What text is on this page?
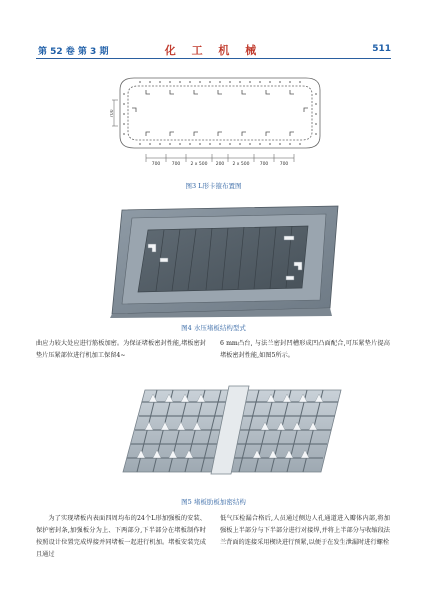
第 52 卷 第 3 期	化 工 机 械	511
700
700	700 2 x 500 200 2 x 500 700	700
图3 L形卡箍布置图
图4 水压堵板结构型式

曲应力较大处应进行筋板加密。为保证堵板密封性能,堵板密封垫片压紧部位进行机加工保留4~

6 mm凸台, 与法兰密封凹槽形成凹凸面配合,可压紧垫片提高堵板密封性能,如图5所示。

图5 堵板肋板加密结构

为了实现堵板内表面四周均布的24个L形加强板的安装、保护密封条,加强板分为上、下两部分,下半部分在堵板制作时按照设计位置完成焊接并同堵板一起进行机加。堵板安装完成且通过

低气压检漏合格后,人员通过侧边人孔通道进入瓣体内部,将加强板上半部分与下半部分进行对接焊,并将上半部分与收缩段法兰背面的连接采用楔块进行预紧,以便于在发生泄漏时进行螺栓
